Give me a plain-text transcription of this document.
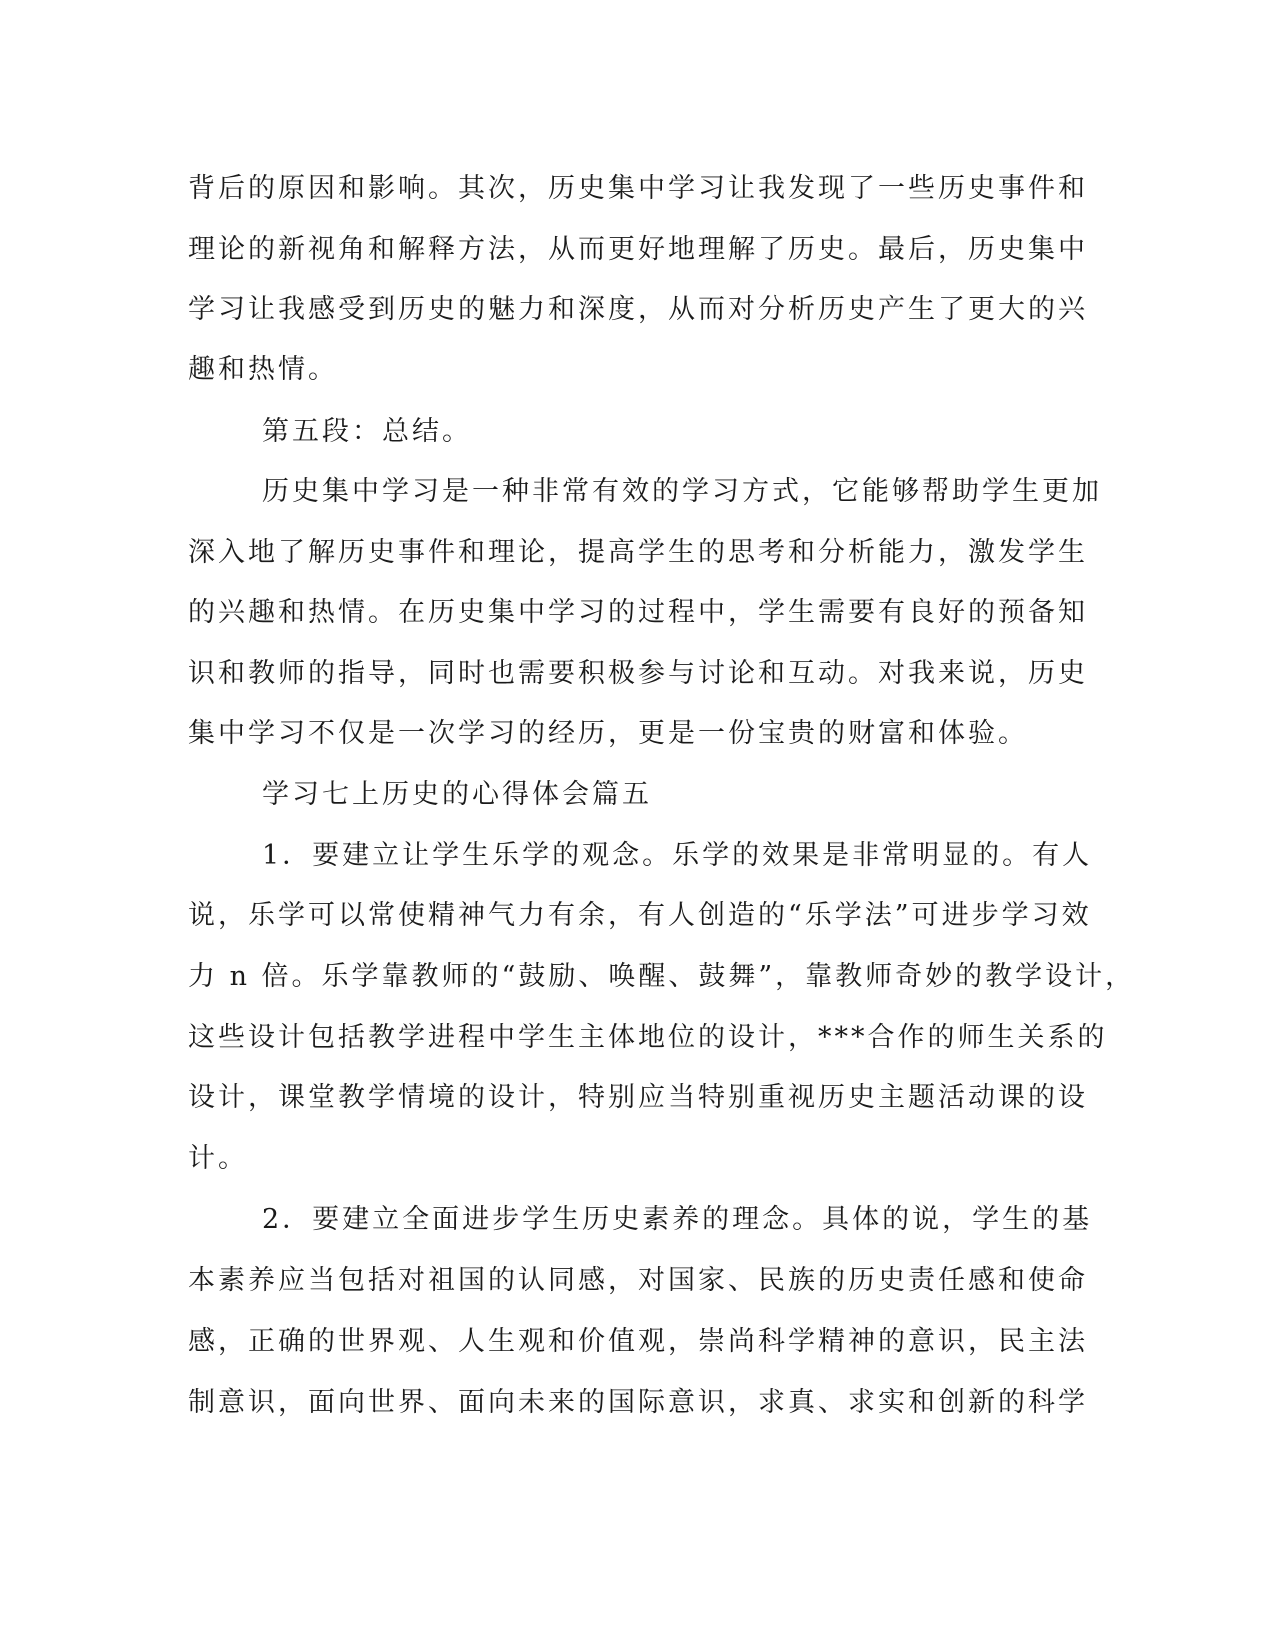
背后的原因和影响。其次，历史集中学习让我发现了一些历史事件和
理论的新视角和解释方法，从而更好地理解了历史。最后，历史集中
学习让我感受到历史的魅力和深度，从而对分析历史产生了更大的兴
趣和热情。
第五段：总结。
历史集中学习是一种非常有效的学习方式，它能够帮助学生更加
深入地了解历史事件和理论，提高学生的思考和分析能力，激发学生
的兴趣和热情。在历史集中学习的过程中，学生需要有良好的预备知
识和教师的指导，同时也需要积极参与讨论和互动。对我来说，历史
集中学习不仅是一次学习的经历，更是一份宝贵的财富和体验。
学习七上历史的心得体会篇五
1．要建立让学生乐学的观念。乐学的效果是非常明显的。有人
说，乐学可以常使精神气力有余，有人创造的“乐学法”可进步学习效
力 n 倍。乐学靠教师的“鼓励、唤醒、鼓舞”，靠教师奇妙的教学设计，
这些设计包括教学进程中学生主体地位的设计，***合作的师生关系的
设计，课堂教学情境的设计，特别应当特别重视历史主题活动课的设
计。
2．要建立全面进步学生历史素养的理念。具体的说，学生的基
本素养应当包括对祖国的认同感，对国家、民族的历史责任感和使命
感，正确的世界观、人生观和价值观，崇尚科学精神的意识，民主法
制意识，面向世界、面向未来的国际意识，求真、求实和创新的科学
